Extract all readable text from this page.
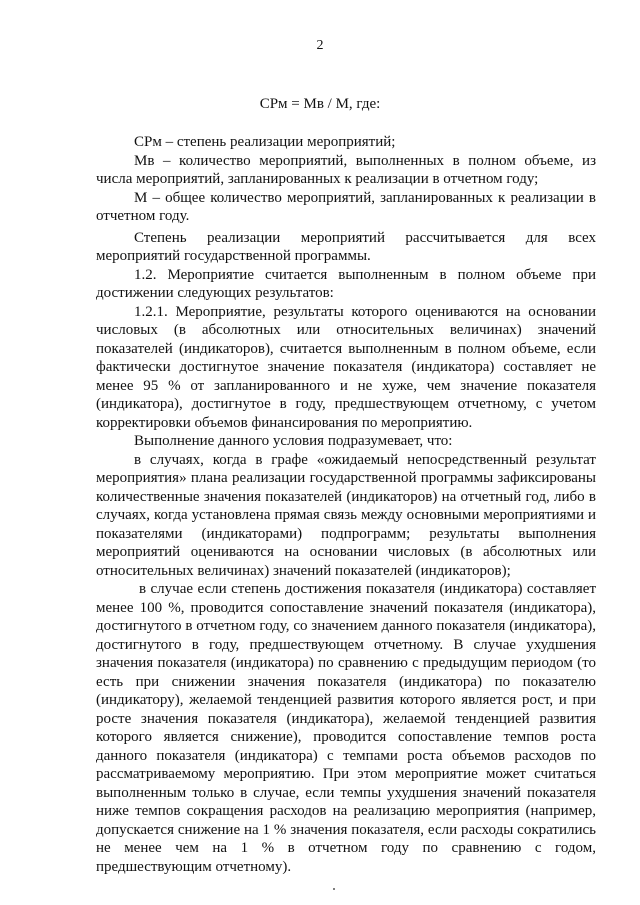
2
СРм = Мв / М, где:

СРм – степень реализации мероприятий;

Мв – количество мероприятий, выполненных в полном объеме, из числа мероприятий, запланированных к реализации в отчетном году;

М – общее количество мероприятий, запланированных к реализации в отчетном году.

Степень реализации мероприятий рассчитывается для всех мероприятий государственной программы.

1.2. Мероприятие считается выполненным в полном объеме при достижении следующих результатов:

1.2.1. Мероприятие, результаты которого оцениваются на основании числовых (в абсолютных или относительных величинах) значений показателей (индикаторов), считается выполненным в полном объеме, если фактически достигнутое значение показателя (индикатора) составляет не менее 95 % от запланированного и не хуже, чем значение показателя (индикатора), достигнутое в году, предшествующем отчетному, с учетом корректировки объемов финансирования по мероприятию.

Выполнение данного условия подразумевает, что:

в случаях, когда в графе «ожидаемый непосредственный результат мероприятия» плана реализации государственной программы зафиксированы количественные значения показателей (индикаторов) на отчетный год, либо в случаях, когда установлена прямая связь между основными мероприятиями и показателями (индикаторами) подпрограмм; результаты выполнения мероприятий оцениваются на основании числовых (в абсолютных или относительных величинах) значений показателей (индикаторов);

в случае если степень достижения показателя (индикатора) составляет менее 100 %, проводится сопоставление значений показателя (индикатора), достигнутого в отчетном году, со значением данного показателя (индикатора), достигнутого в году, предшествующем отчетному. В случае ухудшения значения показателя (индикатора) по сравнению с предыдущим периодом (то есть при снижении значения показателя (индикатора) по показателю (индикатору), желаемой тенденцией развития которого является рост, и при росте значения показателя (индикатора), желаемой тенденцией развития которого является снижение), проводится сопоставление темпов роста данного показателя (индикатора) с темпами роста объемов расходов по рассматриваемому мероприятию. При этом мероприятие может считаться выполненным только в случае, если темпы ухудшения значений показателя ниже темпов сокращения расходов на реализацию мероприятия (например, допускается снижение на 1 % значения показателя, если расходы сократились не менее чем на 1 % в отчетном году по сравнению с годом, предшествующим отчетному).
